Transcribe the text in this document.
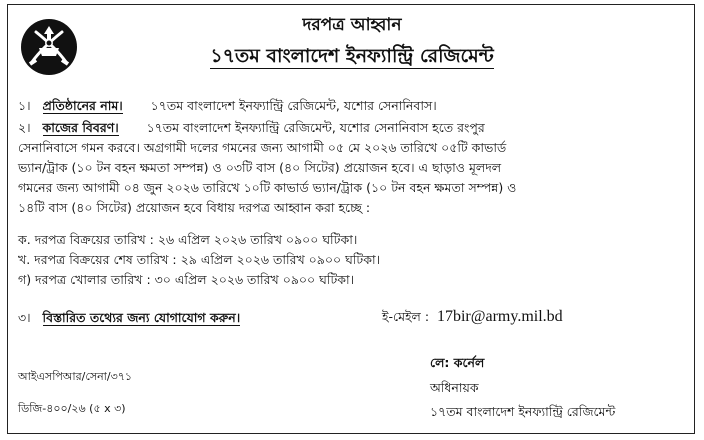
দরপত্র আহ্বান
১৭তম বাংলাদেশ ইনফ্যান্ট্রি রেজিমেন্ট
১। প্রতিষ্ঠানের নাম। ১৭তম বাংলাদেশ ইনফ্যান্ট্রি রেজিমেন্ট, যশোর সেনানিবাস।
২। কাজের বিবরণ। ১৭তম বাংলাদেশ ইনফ্যান্ট্রি রেজিমেন্ট, যশোর সেনানিবাস হতে রংপুর
সেনানিবাসে গমন করবে। অগ্রগামী দলের গমনের জন্য আগামী ০৫ মে ২০২৬ তারিখে ০৫টি কাভার্ড
ভ্যান/ট্রাক (১০ টন বহন ক্ষমতা সম্পন্ন) ও ০৩টি বাস (৪০ সিটের) প্রয়োজন হবে। এ ছাড়াও মূলদল
গমনের জন্য আগামী ০৪ জুন ২০২৬ তারিখে ১০টি কাভার্ড ভ্যান/ট্রাক (১০ টন বহন ক্ষমতা সম্পন্ন) ও
১৪টি বাস (৪০ সিটের) প্রয়োজন হবে বিধায় দরপত্র আহ্বান করা হচ্ছে :
ক. দরপত্র বিক্রয়ের তারিখ : ২৬ এপ্রিল ২০২৬ তারিখ ০৯০০ ঘটিকা।
খ. দরপত্র বিক্রয়ের শেষ তারিখ : ২৯ এপ্রিল ২০২৬ তারিখ ০৯০০ ঘটিকা।
গ) দরপত্র খোলার তারিখ : ৩০ এপ্রিল ২০২৬ তারিখ ০৯০০ ঘটিকা।
৩। বিস্তারিত তথ্যের জন্য যোগাযোগ করুন।	ই-মেইল : 17bir@army.mil.bd
লে: কর্নেল
অধিনায়ক
১৭তম বাংলাদেশ ইনফ্যান্ট্রি রেজিমেন্ট
আইএসপিআর/সেনা/৩৭১
ডিজি-৪০০/২৬ (৫ x ৩)
